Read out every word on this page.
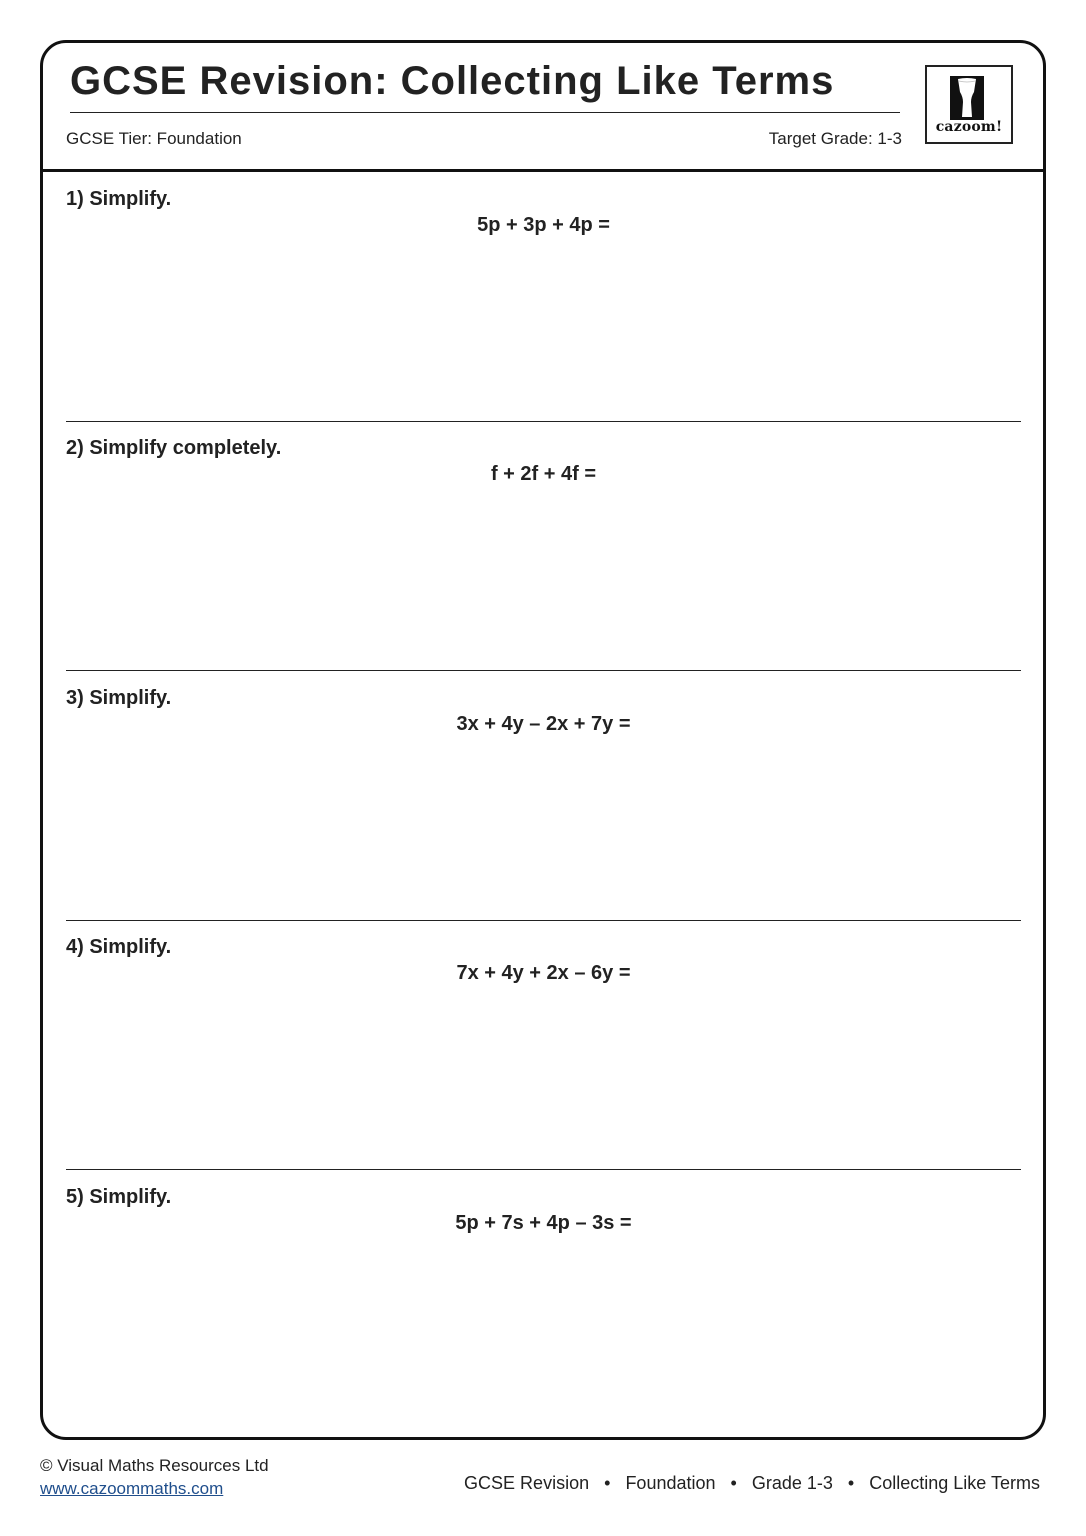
GCSE Revision: Collecting Like Terms
GCSE Tier: Foundation	Target Grade: 1-3
cazoom!
1) Simplify.
5p + 3p + 4p =
2) Simplify completely.
f + 2f + 4f =
3) Simplify.
3x + 4y – 2x + 7y =
4) Simplify.
7x + 4y + 2x – 6y =
5) Simplify.
5p + 7s + 4p – 3s =
© Visual Maths Resources Ltd
www.cazoommaths.com	GCSE Revision • Foundation • Grade 1-3 • Collecting Like Terms
